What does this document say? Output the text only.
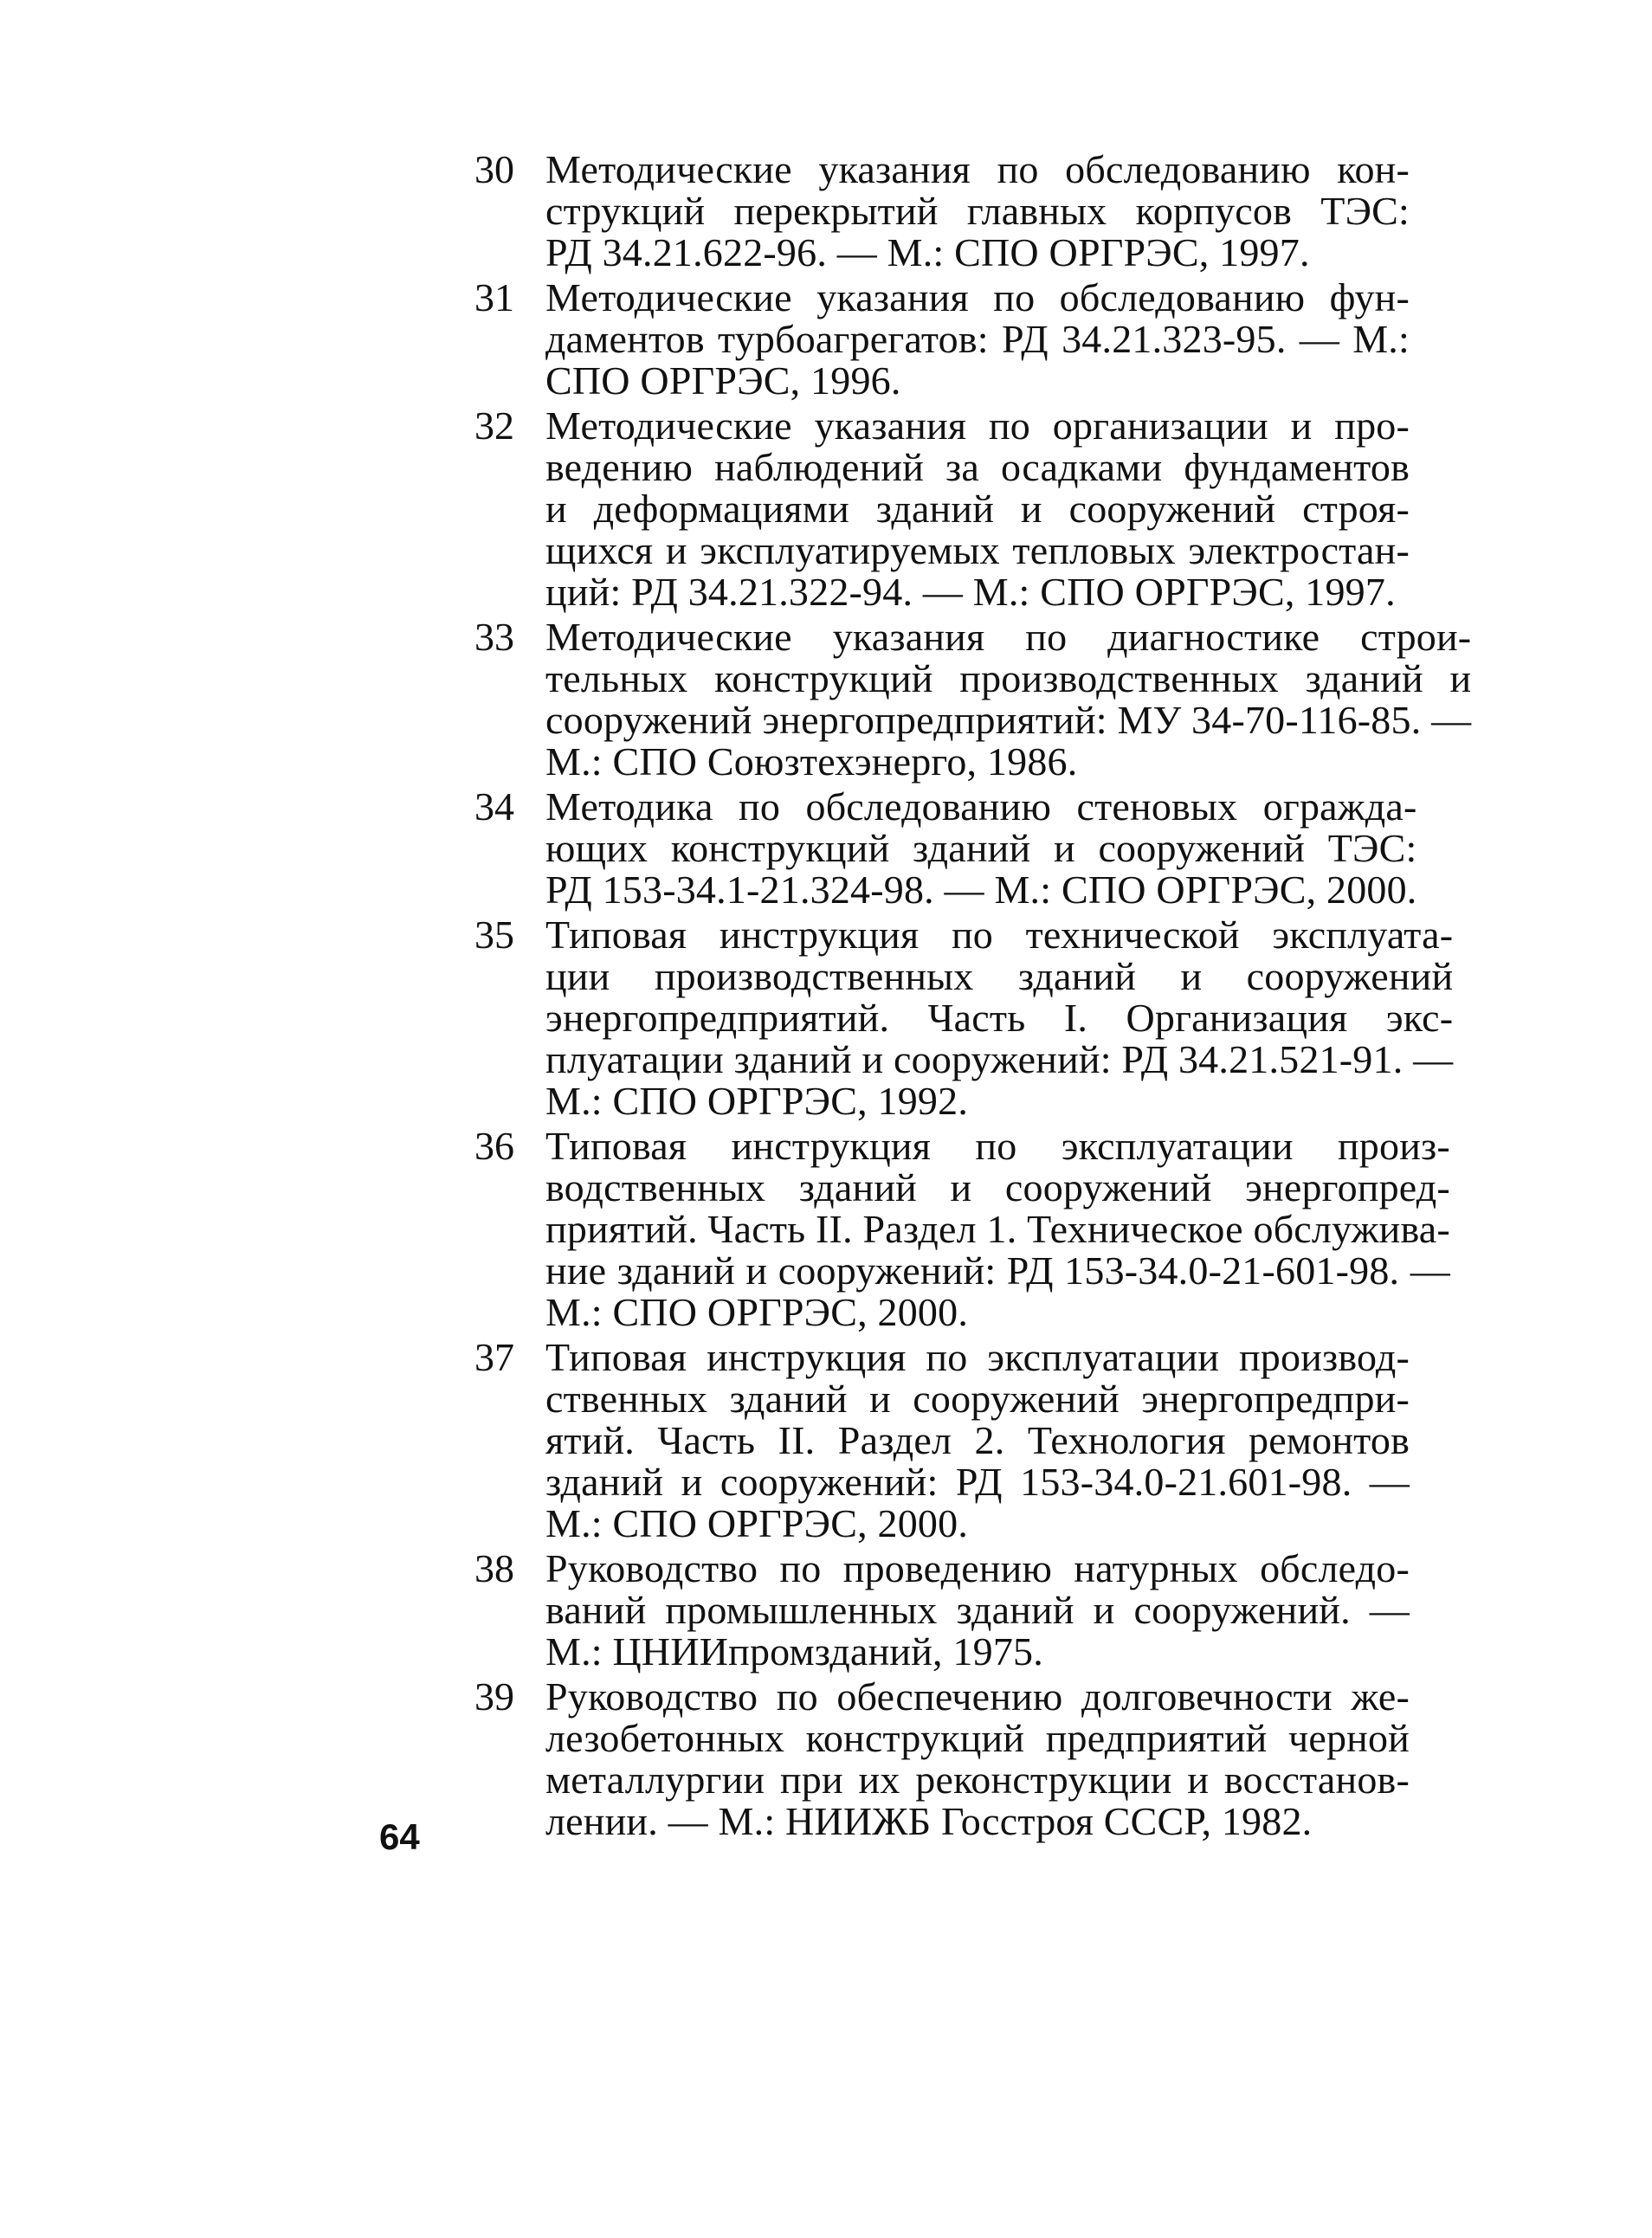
30 Методические указания по обследованию кон-
струкций перекрытий главных корпусов ТЭС:
РД 34.21.622-96. — М.: СПО ОРГРЭС, 1997.
31 Методические указания по обследованию фун-
даментов турбоагрегатов: РД 34.21.323-95. — М.:
СПО ОРГРЭС, 1996.
32 Методические указания по организации и про-
ведению наблюдений за осадками фундаментов
и деформациями зданий и сооружений строя-
щихся и эксплуатируемых тепловых электростан-
ций: РД 34.21.322-94. — М.: СПО ОРГРЭС, 1997.
33 Методические указания по диагностике строи-
тельных конструкций производственных зданий и
сооружений энергопредприятий: МУ 34-70-116-85. —
М.: СПО Союзтехэнерго, 1986.
34 Методика по обследованию стеновых огражда-
ющих конструкций зданий и сооружений ТЭС:
РД 153-34.1-21.324-98. — М.: СПО ОРГРЭС, 2000.
35 Типовая инструкция по технической эксплуата-
ции производственных зданий и сооружений
энергопредприятий. Часть I. Организация экс-
плуатации зданий и сооружений: РД 34.21.521-91. —
М.: СПО ОРГРЭС, 1992.
36 Типовая инструкция по эксплуатации произ-
водственных зданий и сооружений энергопред-
приятий. Часть II. Раздел 1. Техническое обслужива-
ние зданий и сооружений: РД 153-34.0-21-601-98. —
М.: СПО ОРГРЭС, 2000.
37 Типовая инструкция по эксплуатации производ-
ственных зданий и сооружений энергопредпри-
ятий. Часть II. Раздел 2. Технология ремонтов
зданий и сооружений: РД 153-34.0-21.601-98. —
М.: СПО ОРГРЭС, 2000.
38 Руководство по проведению натурных обследо-
ваний промышленных зданий и сооружений. —
М.: ЦНИИпромзданий, 1975.
39 Руководство по обеспечению долговечности же-
лезобетонных конструкций предприятий черной
металлургии при их реконструкции и восстанов-
лении. — М.: НИИЖБ Госстроя СССР, 1982.
64
